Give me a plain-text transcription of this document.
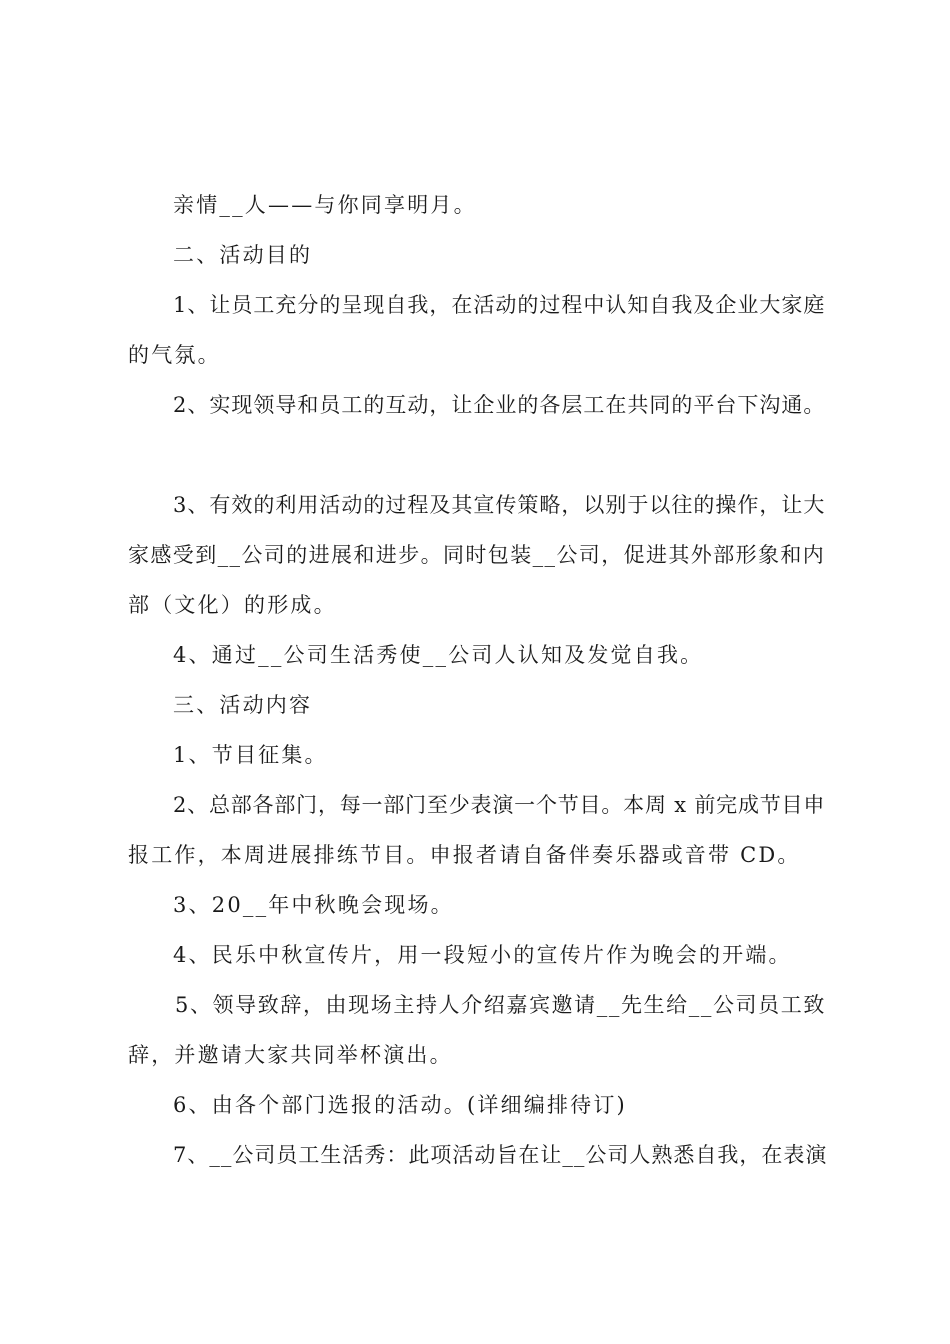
亲情__人——与你同享明月。
二、活动目的
1、让员工充分的呈现自我，在活动的过程中认知自我及企业大家庭
的气氛。
2、实现领导和员工的互动，让企业的各层工在共同的平台下沟通。
3、有效的利用活动的过程及其宣传策略，以别于以往的操作，让大
家感受到__公司的进展和进步。同时包装__公司，促进其外部形象和内
部（文化）的形成。
4、通过__公司生活秀使__公司人认知及发觉自我。
三、活动内容
1、节目征集。
2、总部各部门，每一部门至少表演一个节目。本周 x 前完成节目申
报工作，本周进展排练节目。申报者请自备伴奏乐器或音带 CD。
3、20__年中秋晚会现场。
4、民乐中秋宣传片，用一段短小的宣传片作为晚会的开端。
5、领导致辞，由现场主持人介绍嘉宾邀请__先生给__公司员工致
辞，并邀请大家共同举杯演出。
6、由各个部门选报的活动。(详细编排待订)
7、__公司员工生活秀：此项活动旨在让__公司人熟悉自我，在表演
